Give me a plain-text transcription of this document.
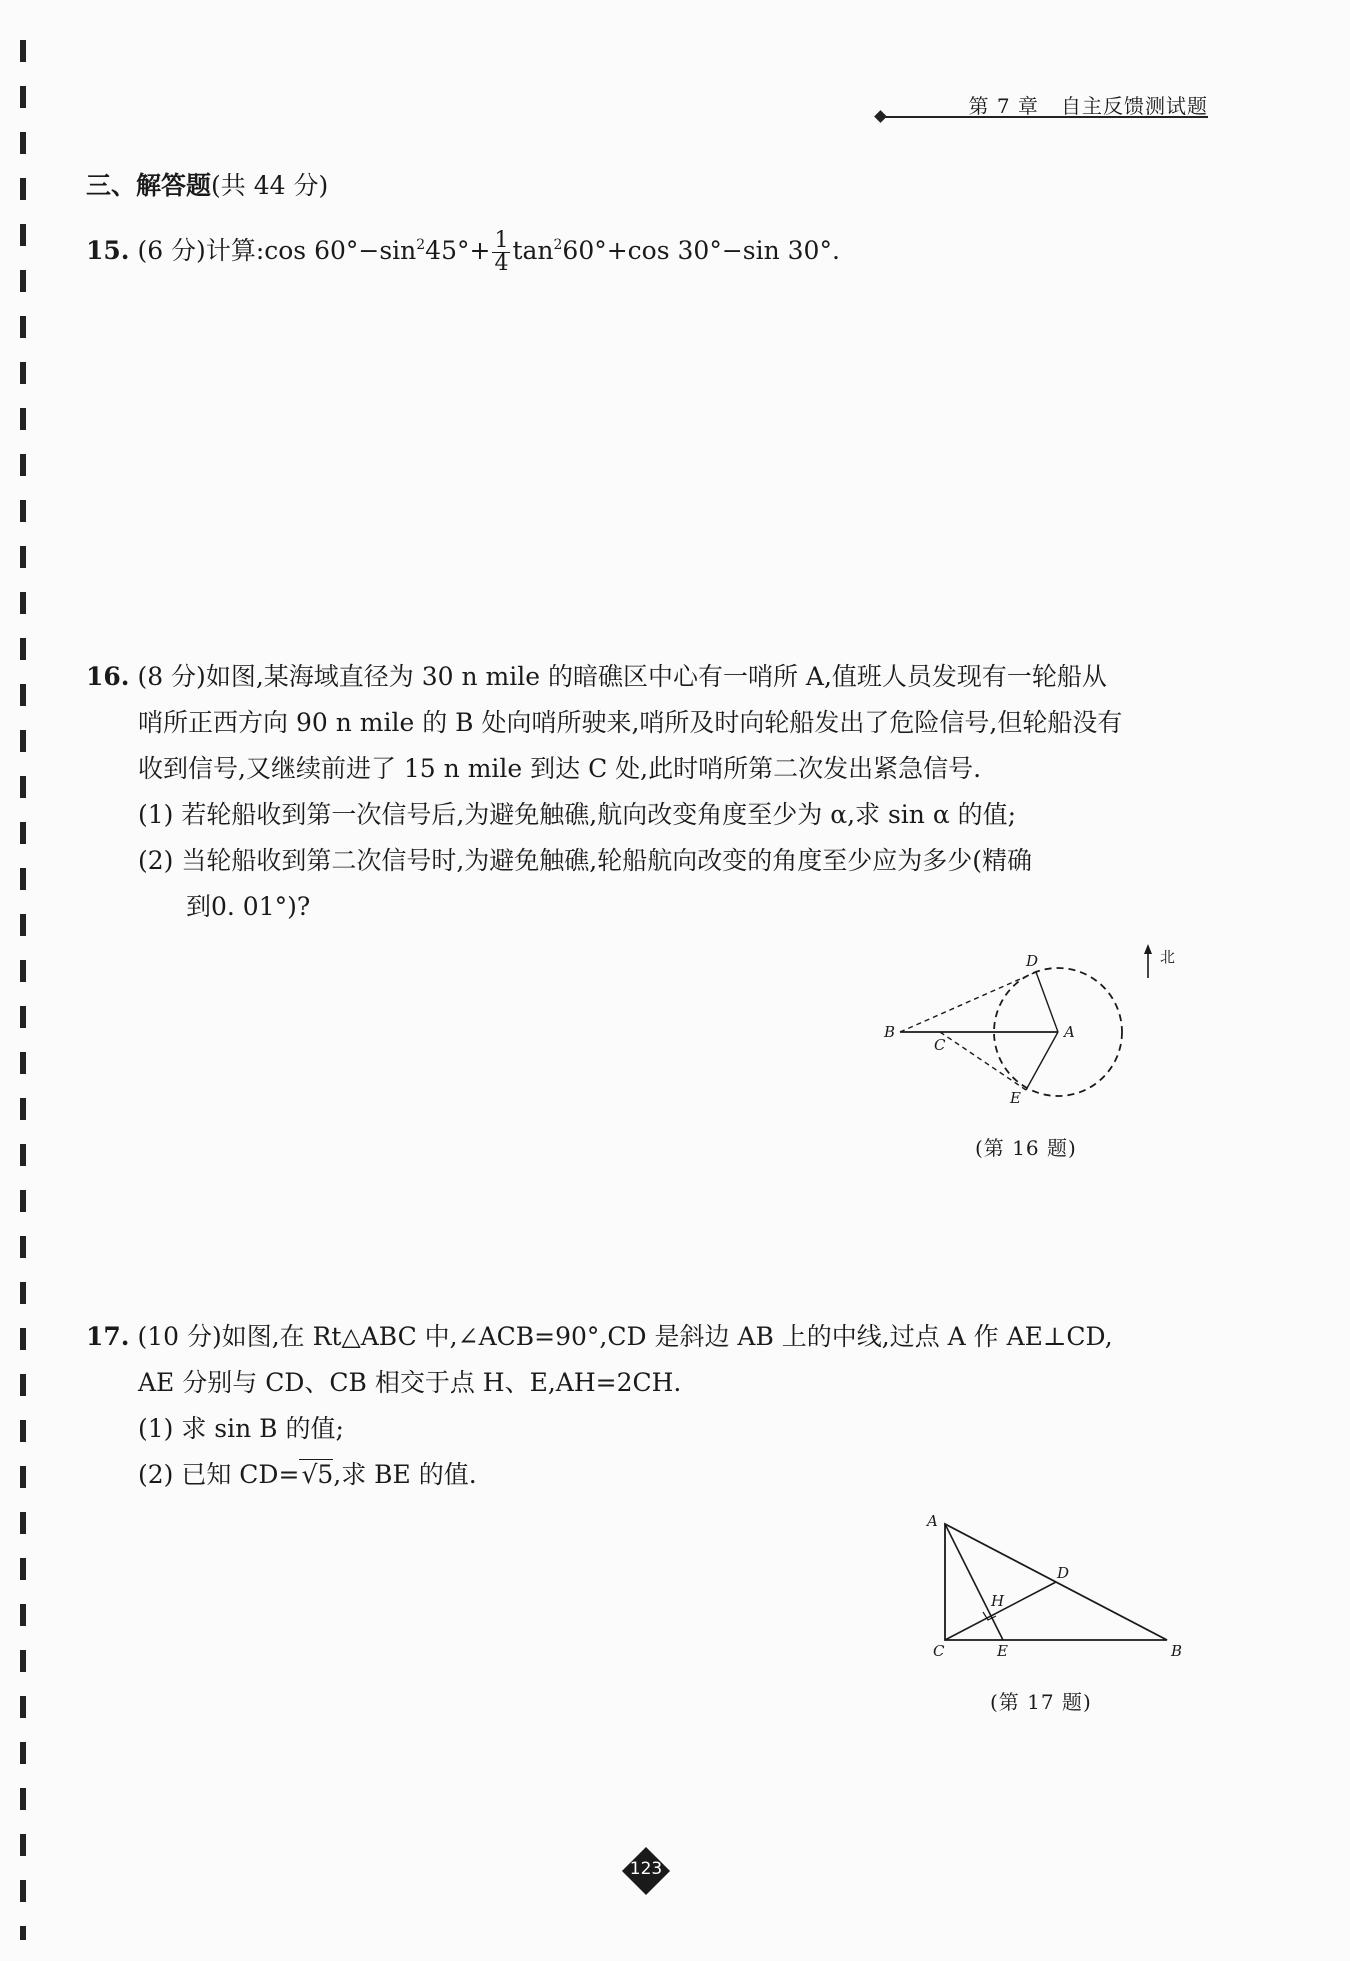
第 7 章 自主反馈测试题
三、解答题(共 44 分)
15. (6 分)计算:cos $60^\circ-\sin^245^\circ+ \frac{1}{4} \tan^260^\circ+\cos$ 30°−sin 30°.
16. (8 分)如图,某海域直径为 30 n mile 的暗礁区中心有一哨所 A,值班人员发现有一轮船从
哨所正西方向 90 n mile 的 B 处向哨所驶来,哨所及时向轮船发出了危险信号,但轮船没有
收到信号,又继续前进了 15 n mile 到达 C 处,此时哨所第二次发出紧急信号.
(1) 若轮船收到第一次信号后,为避免触礁,航向改变角度至少为 α,求 sin α 的值;
(2) 当轮船收到第二次信号时,为避免触礁,轮船航向改变的角度至少应为多少(精确
到0. 01°)?
北
B
C
A
D
E
(第 16 题)
17. (10 分)如图,在 Rt△ABC 中,∠ACB=90°,CD 是斜边 AB 上的中线,过点 A 作 AE⊥CD,
AE 分别与 CD、CB 相交于点 H、E,AH=2CH.
(1) 求 sin B 的值;
(2) 已知 CD=√5,求 BE 的值.
A
B
C
D
E
H
(第 17 题)
123
